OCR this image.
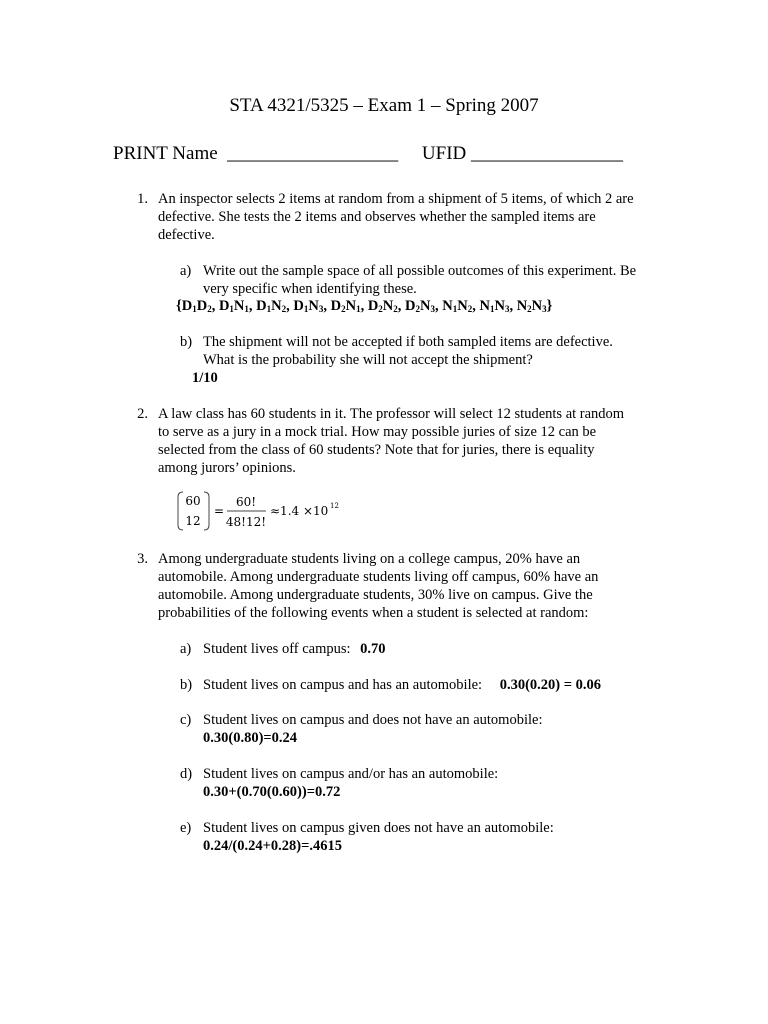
STA 4321/5325 – Exam 1 – Spring 2007
PRINT Name  __________________     UFID ________________
1. An inspector selects 2 items at random from a shipment of 5 items, of which 2 are
defective. She tests the 2 items and observes whether the sampled items are
defective.
a) Write out the sample space of all possible outcomes of this experiment. Be
very specific when identifying these.
{$D_1D_2$, $D_1N_1$, $D_1N_2$, $D_1N_3$, $D_2N_1$, $D_2N_2$, $D_2N_3$, $N_1N_2$, $N_1N_3$, $N_2N_3$}
b) The shipment will not be accepted if both sampled items are defective.
What is the probability she will not accept the shipment?
1/10
2. A law class has 60 students in it. The professor will select 12 students at random
to serve as a jury in a mock trial. How may possible juries of size 12 can be
selected from the class of 60 students? Note that for juries, there is equality
among jurors’ opinions.
60
12
=
60!
48!12!
≈1.4 ×10 12
3. Among undergraduate students living on a college campus, 20% have an
automobile. Among undergraduate students living off campus, 60% have an
automobile. Among undergraduate students, 30% live on campus. Give the
probabilities of the following events when a student is selected at random:
a) Student lives off campus: 0.70
b) Student lives on campus and has an automobile: 0.30(0.20) = 0.06
c) Student lives on campus and does not have an automobile:
0.30(0.80)=0.24
d) Student lives on campus and/or has an automobile:
0.30+(0.70(0.60))=0.72
e) Student lives on campus given does not have an automobile:
0.24/(0.24+0.28)=.4615
